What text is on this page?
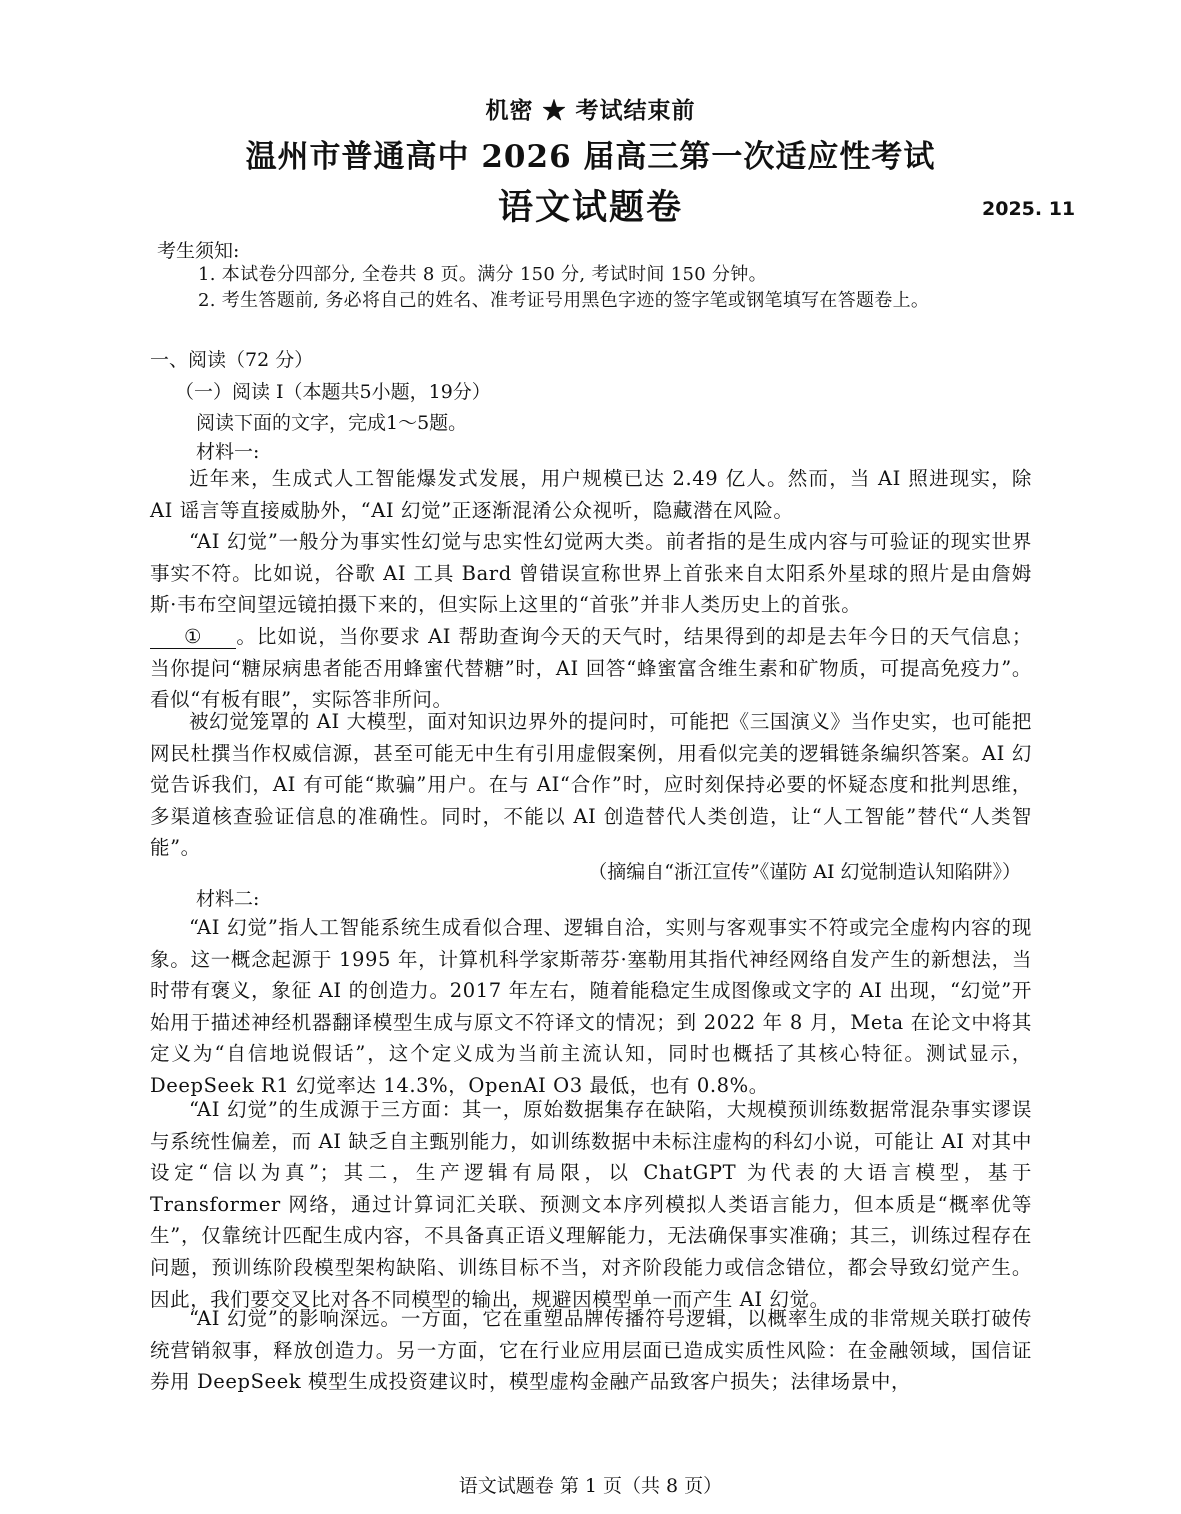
机密 ★ 考试结束前
温州市普通高中 2026 届高三第一次适应性考试
语文试题卷	2025. 11
考生须知:
1. 本试卷分四部分, 全卷共 8 页。满分 150 分, 考试时间 150 分钟。
2. 考生答题前, 务必将自己的姓名、准考证号用黑色字迹的签字笔或钢笔填写在答题卷上。
一、阅读（72 分）
（一）阅读 I（本题共5小题，19分）
阅读下面的文字，完成1～5题。
材料一:

近年来，生成式人工智能爆发式发展，用户规模已达 2.49 亿人。然而，当 AI 照进现实，除 AI 谣言等直接威胁外，“AI 幻觉”正逐渐混淆公众视听，隐藏潜在风险。

“AI 幻觉”一般分为事实性幻觉与忠实性幻觉两大类。前者指的是生成内容与可验证的现实世界事实不符。比如说，谷歌 AI 工具 Bard 曾错误宣称世界上首张来自太阳系外星球的照片是由詹姆斯·韦布空间望远镜拍摄下来的，但实际上这里的“首张”并非人类历史上的首张。

① 。比如说，当你要求 AI 帮助查询今天的天气时，结果得到的却是去年今日的天气信息；当你提问“糖尿病患者能否用蜂蜜代替糖”时，AI 回答“蜂蜜富含维生素和矿物质，可提高免疫力”。看似“有板有眼”，实际答非所问。

被幻觉笼罩的 AI 大模型，面对知识边界外的提问时，可能把《三国演义》当作史实，也可能把网民杜撰当作权威信源，甚至可能无中生有引用虚假案例，用看似完美的逻辑链条编织答案。AI 幻觉告诉我们，AI 有可能“欺骗”用户。在与 AI“合作”时，应时刻保持必要的怀疑态度和批判思维，多渠道核查验证信息的准确性。同时，不能以 AI 创造替代人类创造，让“人工智能”替代“人类智能”。

（摘编自“浙江宣传”《谨防 AI 幻觉制造认知陷阱》）
材料二:

“AI 幻觉”指人工智能系统生成看似合理、逻辑自洽，实则与客观事实不符或完全虚构内容的现象。这一概念起源于 1995 年，计算机科学家斯蒂芬·塞勒用其指代神经网络自发产生的新想法，当时带有褒义，象征 AI 的创造力。2017 年左右，随着能稳定生成图像或文字的 AI 出现，“幻觉”开始用于描述神经机器翻译模型生成与原文不符译文的情况；到 2022 年 8 月，Meta 在论文中将其定义为“自信地说假话”，这个定义成为当前主流认知，同时也概括了其核心特征。测试显示，DeepSeek R1 幻觉率达 14.3%，OpenAI O3 最低，也有 0.8%。

“AI 幻觉”的生成源于三方面：其一，原始数据集存在缺陷，大规模预训练数据常混杂事实谬误与系统性偏差，而 AI 缺乏自主甄别能力，如训练数据中未标注虚构的科幻小说，可能让 AI 对其中设定“信以为真”；其二，生产逻辑有局限，以 ChatGPT 为代表的大语言模型，基于 Transformer 网络，通过计算词汇关联、预测文本序列模拟人类语言能力，但本质是“概率优等生”，仅靠统计匹配生成内容，不具备真正语义理解能力，无法确保事实准确；其三，训练过程存在问题，预训练阶段模型架构缺陷、训练目标不当，对齐阶段能力或信念错位，都会导致幻觉产生。因此，我们要交叉比对各不同模型的输出，规避因模型单一而产生 AI 幻觉。

“AI 幻觉”的影响深远。一方面，它在重塑品牌传播符号逻辑，以概率生成的非常规关联打破传统营销叙事，释放创造力。另一方面，它在行业应用层面已造成实质性风险：在金融领域，国信证券用 DeepSeek 模型生成投资建议时，模型虚构金融产品致客户损失；法律场景中，

语文试题卷 第 1 页（共 8 页）
